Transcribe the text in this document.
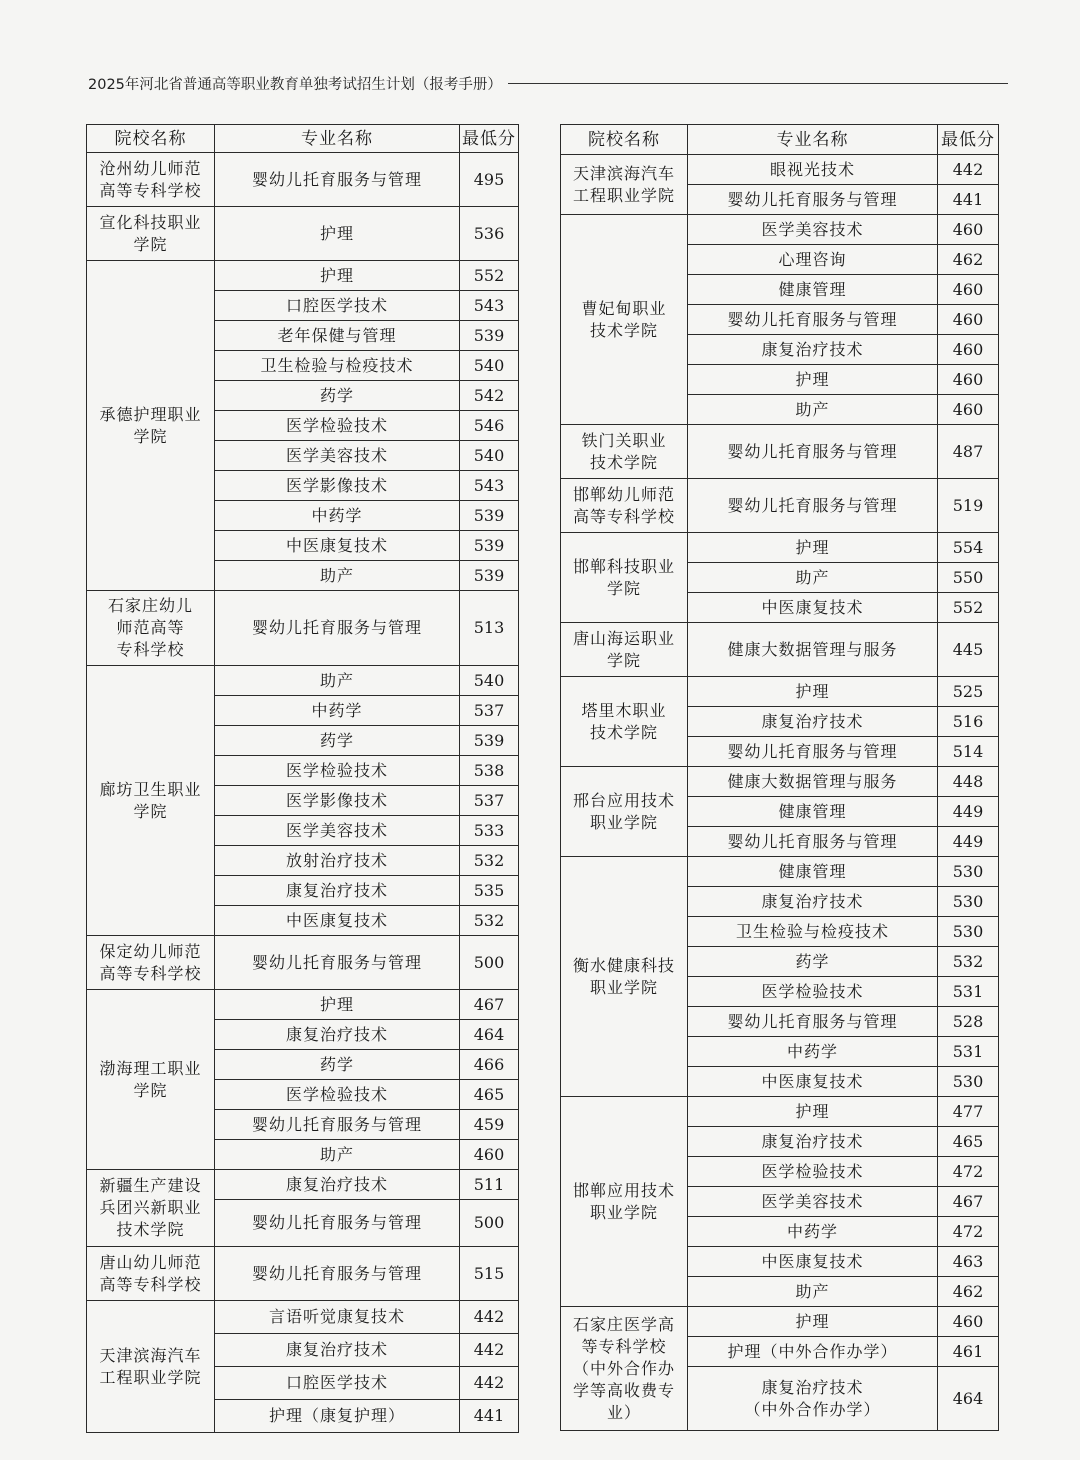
2025年河北省普通高等职业教育单独考试招生计划（报考手册）
院校名称	专业名称	最低分
沧州幼儿师范
高等专科学校	婴幼儿托育服务与管理	495
宣化科技职业
学院	护理	536
承德护理职业
学院	护理	552
	口腔医学技术	543
	老年保健与管理	539
	卫生检验与检疫技术	540
	药学	542
	医学检验技术	546
	医学美容技术	540
	医学影像技术	543
	中药学	539
	中医康复技术	539
	助产	539
石家庄幼儿
师范高等
专科学校	婴幼儿托育服务与管理	513
廊坊卫生职业
学院	助产	540
	中药学	537
	药学	539
	医学检验技术	538
	医学影像技术	537
	医学美容技术	533
	放射治疗技术	532
	康复治疗技术	535
	中医康复技术	532
保定幼儿师范
高等专科学校	婴幼儿托育服务与管理	500
渤海理工职业
学院	护理	467
	康复治疗技术	464
	药学	466
	医学检验技术	465
	婴幼儿托育服务与管理	459
	助产	460
新疆生产建设
兵团兴新职业
技术学院	康复治疗技术	511
	婴幼儿托育服务与管理	500
唐山幼儿师范
高等专科学校	婴幼儿托育服务与管理	515
天津滨海汽车
工程职业学院	言语听觉康复技术	442
	康复治疗技术	442
	口腔医学技术	442
	护理（康复护理）	441
院校名称	专业名称	最低分
天津滨海汽车
工程职业学院	眼视光技术	442
	婴幼儿托育服务与管理	441
曹妃甸职业
技术学院	医学美容技术	460
	心理咨询	462
	健康管理	460
	婴幼儿托育服务与管理	460
	康复治疗技术	460
	护理	460
	助产	460
铁门关职业
技术学院	婴幼儿托育服务与管理	487
邯郸幼儿师范
高等专科学校	婴幼儿托育服务与管理	519
邯郸科技职业
学院	护理	554
	助产	550
	中医康复技术	552
唐山海运职业
学院	健康大数据管理与服务	445
塔里木职业
技术学院	护理	525
	康复治疗技术	516
	婴幼儿托育服务与管理	514
邢台应用技术
职业学院	健康大数据管理与服务	448
	健康管理	449
	婴幼儿托育服务与管理	449
衡水健康科技
职业学院	健康管理	530
	康复治疗技术	530
	卫生检验与检疫技术	530
	药学	532
	医学检验技术	531
	婴幼儿托育服务与管理	528
	中药学	531
	中医康复技术	530
邯郸应用技术
职业学院	护理	477
	康复治疗技术	465
	医学检验技术	472
	医学美容技术	467
	中药学	472
	中医康复技术	463
	助产	462
石家庄医学高
等专科学校
（中外合作办
学等高收费专
业）	护理	460
	护理（中外合作办学）	461
	康复治疗技术
（中外合作办学）	464
